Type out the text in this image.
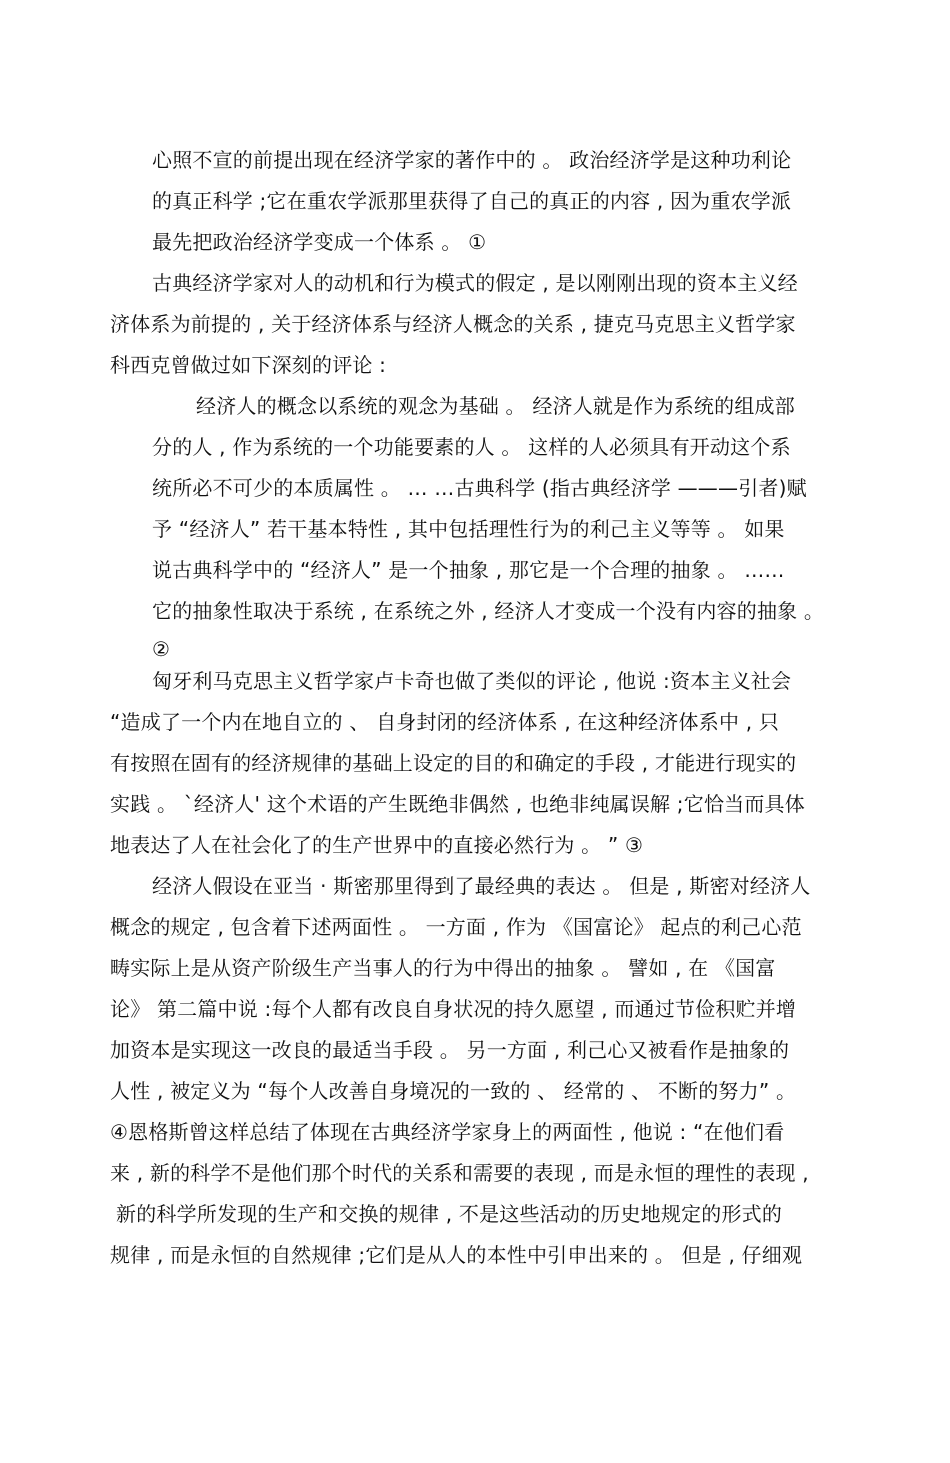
心照不宣的前提出现在经济学家的著作中的 。 政治经济学是这种功利论
的真正科学 ;它在重农学派那里获得了自己的真正的内容 , 因为重农学派
最先把政治经济学变成一个体系 。 ①
古典经济学家对人的动机和行为模式的假定 , 是以刚刚出现的资本主义经
济体系为前提的 , 关于经济体系与经济人概念的关系 , 捷克马克思主义哲学家
科西克曾做过如下深刻的评论 :
经济人的概念以系统的观念为基础 。 经济人就是作为系统的组成部
分的人 , 作为系统的一个功能要素的人 。 这样的人必须具有开动这个系
统所必不可少的本质属性 。 … …古典科学 (指古典经济学 ———引者)赋
予 “经济人” 若干基本特性 , 其中包括理性行为的利己主义等等 。 如果
说古典科学中的 “经济人” 是一个抽象 , 那它是一个合理的抽象 。 ……
它的抽象性取决于系统 , 在系统之外 , 经济人才变成一个没有内容的抽象 。
②
匈牙利马克思主义哲学家卢卡奇也做了类似的评论 , 他说 :资本主义社会
“造成了一个内在地自立的 、 自身封闭的经济体系 , 在这种经济体系中 , 只
有按照在固有的经济规律的基础上设定的目的和确定的手段 , 才能进行现实的
实践 。 `经济人' 这个术语的产生既绝非偶然 , 也绝非纯属误解 ;它恰当而具体
地表达了人在社会化了的生产世界中的直接必然行为 。 ” ③
经济人假设在亚当 · 斯密那里得到了最经典的表达 。 但是 , 斯密对经济人
概念的规定 , 包含着下述两面性 。 一方面 , 作为 《国富论》 起点的利己心范
畴实际上是从资产阶级生产当事人的行为中得出的抽象 。 譬如 , 在 《国富
论》 第二篇中说 :每个人都有改良自身状况的持久愿望 , 而通过节俭积贮并增
加资本是实现这一改良的最适当手段 。 另一方面 , 利己心又被看作是抽象的
人性 , 被定义为 “每个人改善自身境况的一致的 、 经常的 、 不断的努力” 。
④恩格斯曾这样总结了体现在古典经济学家身上的两面性 , 他说 : “在他们看
来 , 新的科学不是他们那个时代的关系和需要的表现 , 而是永恒的理性的表现 ,
新的科学所发现的生产和交换的规律 , 不是这些活动的历史地规定的形式的
规律 , 而是永恒的自然规律 ;它们是从人的本性中引申出来的 。 但是 , 仔细观
